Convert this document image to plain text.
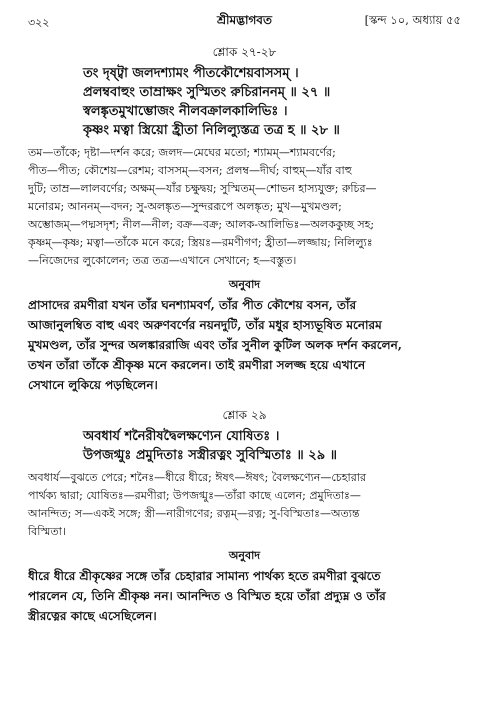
৩২২	শ্রীমদ্ভাগবত	[স্কন্দ ১০, অধ্যায় ৫৫
শ্লোক ২৭-২৮
তং দৃষ্ট্বা জলদশ্যামং পীতকৌশেয়বাসসম্ ।
প্রলম্ববাহুং তাম্রাক্ষং সুস্মিতং রুচিরাননম্ ॥ ২৭ ॥
স্বলঙ্কৃতমুখাম্ভোজং নীলবক্রালকালিভিঃ ।
কৃষ্ণং মত্বা স্ত্রিয়ো হ্রীতা নিলিল্যুস্তত্র তত্র হ ॥ ২৮ ॥
তম—তাঁকে; দৃষ্টা—দর্শন করে; জলদ—মেঘের মতো; শ্যামম্—শ্যামবর্ণের;
পীত—পীত; কৌশেয়—রেশম; বাসসম্—বসন; প্রলম্ব—দীর্ঘ; বাহুম্—যাঁর বাহু
দুটি; তাম্র—লালবর্ণের; অক্ষম্—যাঁর চক্ষুদ্বয়; সুস্মিতম্—শোভন হাস্যযুক্ত; রুচির—
মনোরম; আননম্—বদন; সু-অলঙ্কৃত—সুন্দররূপে অলঙ্কৃত; মুখ—মুখমণ্ডল;
অম্ভোজম্—পদ্মসদৃশ; নীল—নীল; বক্র—বক্র; আলক-আলিভিঃ—অলককুচ্ছ সহ;
কৃষ্ণম্—কৃষ্ণ; মত্বা—তাঁকে মনে করে; স্ত্রিয়ঃ—রমণীগণ; হ্রীতা—লজ্জায়; নিলিল্যুঃ
—নিজেদের লুকোলেন; তত্র তত্র—এখানে সেখানে; হ—বস্তুত।
অনুবাদ
প্রাসাদের রমণীরা যখন তাঁর ঘনশ্যামবর্ণ, তাঁর পীত কৌশেয় বসন, তাঁর
আজানুলম্বিত বাহু এবং অরুণবর্ণের নয়নদুটি, তাঁর মধুর হাস্যভূষিত মনোরম
মুখমণ্ডল, তাঁর সুন্দর অলঙ্কাররাজি এবং তাঁর সুনীল কুটিল অলক দর্শন করলেন,
তখন তাঁরা তাঁকে শ্রীকৃষ্ণ মনে করলেন। তাই রমণীরা সলজ্জ হয়ে এখানে
সেখানে লুকিয়ে পড়ছিলেন।
শ্লোক ২৯
অবধার্য শনৈরীষদ্বৈলক্ষণ্যেন যোষিতঃ ।
উপজগ্মুঃ প্রমুদিতাঃ সস্ত্রীরত্নং সুবিস্মিতাঃ ॥ ২৯ ॥
অবধার্য—বুঝতে পেরে; শনৈঃ—ধীরে ধীরে; ঈষৎ—ঈষৎ; বৈলক্ষণ্যেন—চেহারার
পার্থক্য দ্বারা; যোষিতঃ—রমণীরা; উপজগ্মুঃ—তাঁরা কাছে এলেন; প্রমুদিতাঃ—
আনন্দিত; স—একই সঙ্গে; স্ত্রী—নারীগণের; রত্নম্—রত্ন; সু-বিস্মিতাঃ—অত্যন্ত
বিস্মিতা।
অনুবাদ
ধীরে ধীরে শ্রীকৃষ্ণের সঙ্গে তাঁর চেহারার সামান্য পার্থক্য হতে রমণীরা বুঝতে
পারলেন যে, তিনি শ্রীকৃষ্ণ নন। আনন্দিত ও বিস্মিত হয়ে তাঁরা প্রদ্যুম্ন ও তাঁর
স্ত্রীরত্নের কাছে এসেছিলেন।
